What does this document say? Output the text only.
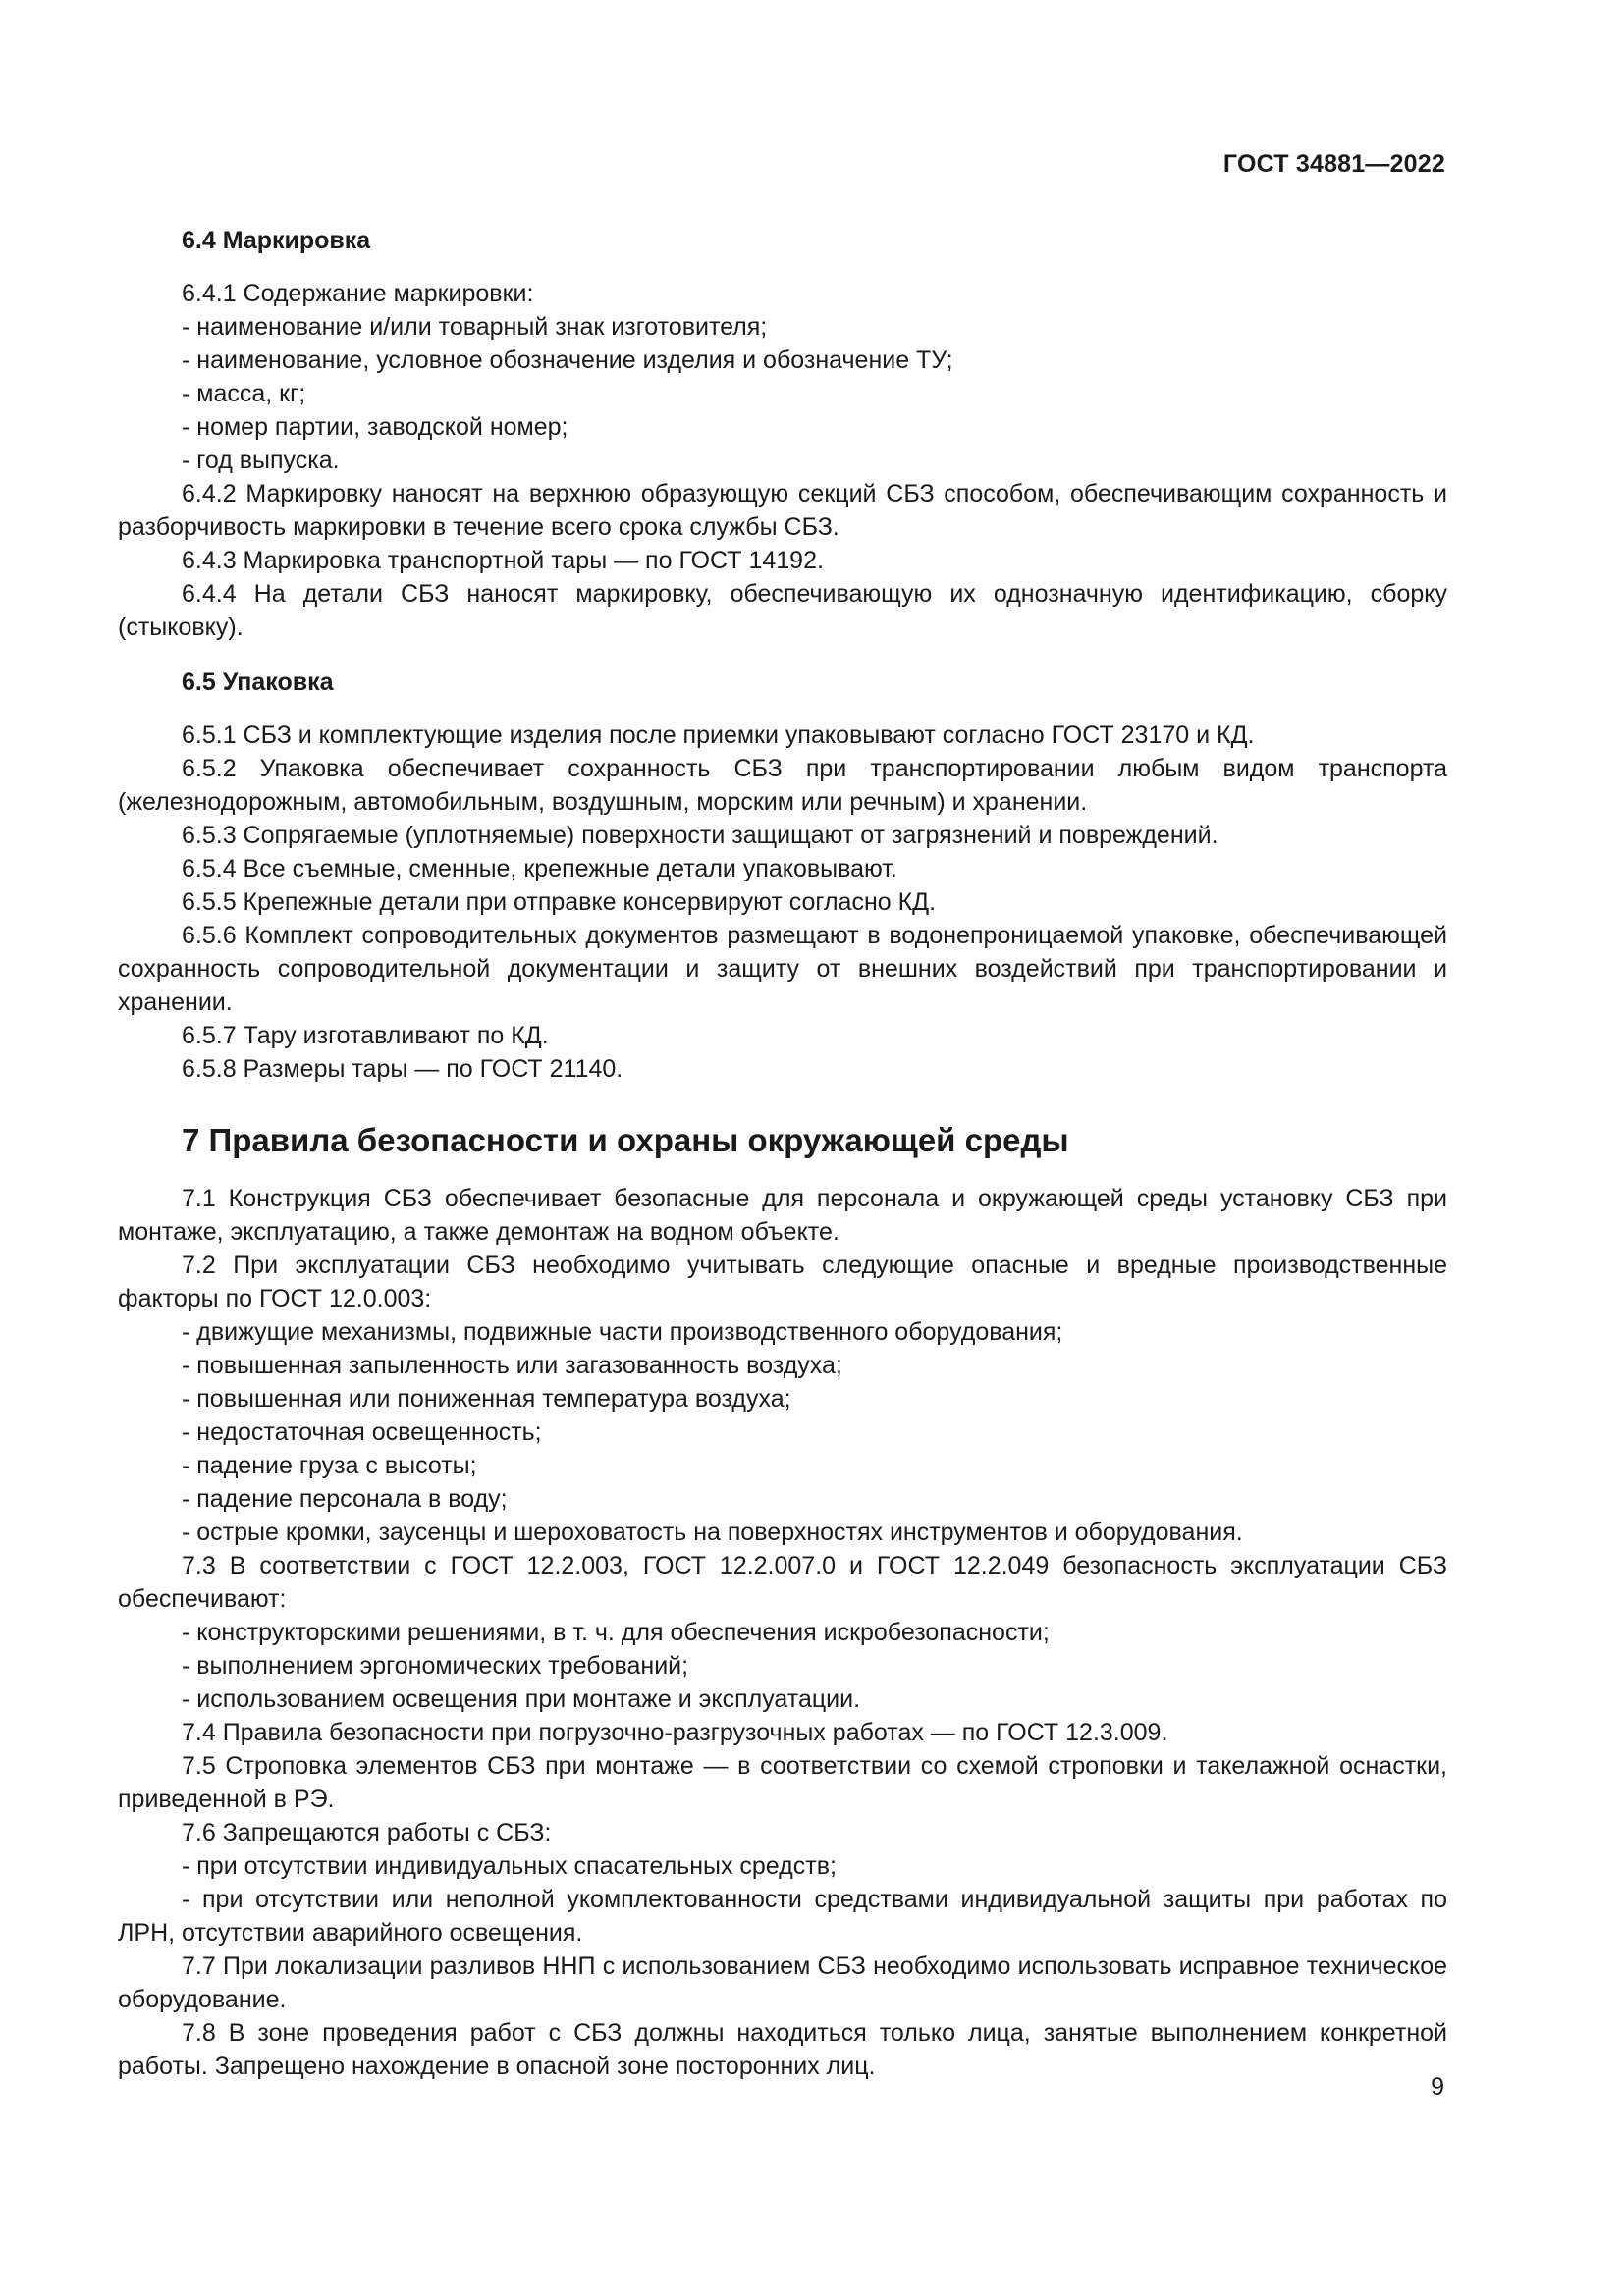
ГОСТ 34881—2022
6.4 Маркировка

6.4.1 Содержание маркировки:

- наименование и/или товарный знак изготовителя;

- наименование, условное обозначение изделия и обозначение ТУ;

- масса, кг;

- номер партии, заводской номер;

- год выпуска.

6.4.2 Маркировку наносят на верхнюю образующую секций СБЗ способом, обеспечивающим сохранность и разборчивость маркировки в течение всего срока службы СБЗ.

6.4.3 Маркировка транспортной тары — по ГОСТ 14192.

6.4.4 На детали СБЗ наносят маркировку, обеспечивающую их однозначную идентификацию, сборку (стыковку).

6.5 Упаковка

6.5.1 СБЗ и комплектующие изделия после приемки упаковывают согласно ГОСТ 23170 и КД.

6.5.2 Упаковка обеспечивает сохранность СБЗ при транспортировании любым видом транспорта (железнодорожным, автомобильным, воздушным, морским или речным) и хранении.

6.5.3 Сопрягаемые (уплотняемые) поверхности защищают от загрязнений и повреждений.

6.5.4 Все съемные, сменные, крепежные детали упаковывают.

6.5.5 Крепежные детали при отправке консервируют согласно КД.

6.5.6 Комплект сопроводительных документов размещают в водонепроницаемой упаковке, обеспечивающей сохранность сопроводительной документации и защиту от внешних воздействий при транспортировании и хранении.

6.5.7 Тару изготавливают по КД.

6.5.8 Размеры тары — по ГОСТ 21140.

7 Правила безопасности и охраны окружающей среды

7.1 Конструкция СБЗ обеспечивает безопасные для персонала и окружающей среды установку СБЗ при монтаже, эксплуатацию, а также демонтаж на водном объекте.

7.2 При эксплуатации СБЗ необходимо учитывать следующие опасные и вредные производственные факторы по ГОСТ 12.0.003:

- движущие механизмы, подвижные части производственного оборудования;

- повышенная запыленность или загазованность воздуха;

- повышенная или пониженная температура воздуха;

- недостаточная освещенность;

- падение груза с высоты;

- падение персонала в воду;

- острые кромки, заусенцы и шероховатость на поверхностях инструментов и оборудования.

7.3 В соответствии с ГОСТ 12.2.003, ГОСТ 12.2.007.0 и ГОСТ 12.2.049 безопасность эксплуатации СБЗ обеспечивают:

- конструкторскими решениями, в т. ч. для обеспечения искробезопасности;

- выполнением эргономических требований;

- использованием освещения при монтаже и эксплуатации.

7.4 Правила безопасности при погрузочно-разгрузочных работах — по ГОСТ 12.3.009.

7.5 Строповка элементов СБЗ при монтаже — в соответствии со схемой строповки и такелажной оснастки, приведенной в РЭ.

7.6 Запрещаются работы с СБЗ:

- при отсутствии индивидуальных спасательных средств;

- при отсутствии или неполной укомплектованности средствами индивидуальной защиты при работах по ЛРН, отсутствии аварийного освещения.

7.7 При локализации разливов ННП с использованием СБЗ необходимо использовать исправное техническое оборудование.

7.8 В зоне проведения работ с СБЗ должны находиться только лица, занятые выполнением конкретной работы. Запрещено нахождение в опасной зоне посторонних лиц.

9
